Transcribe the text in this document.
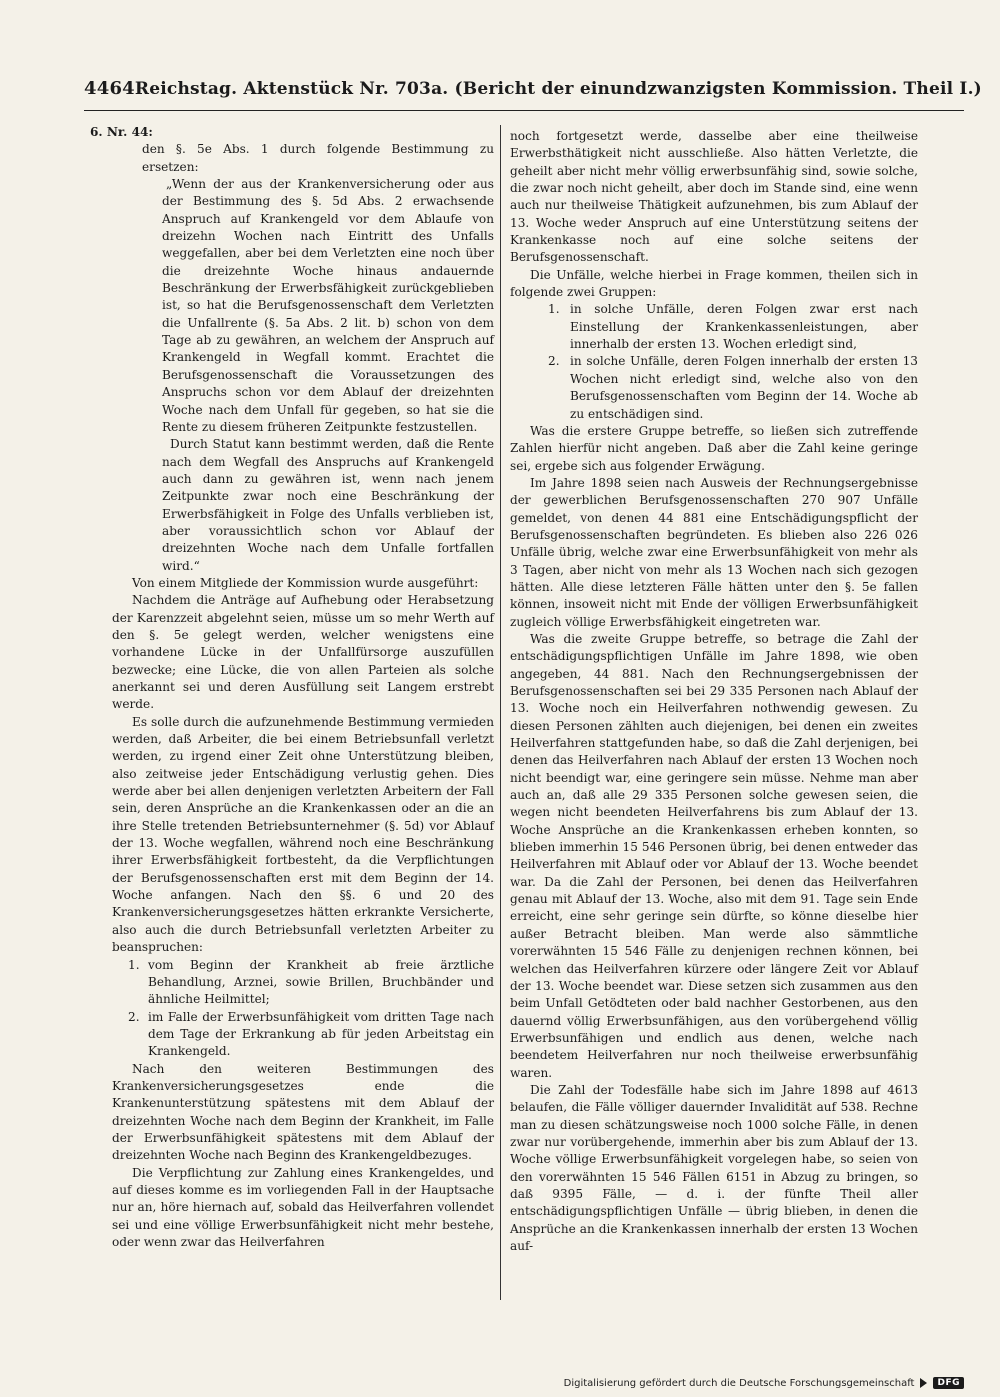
4464 Reichstag. Aktenstück Nr. 703a. (Bericht der einundzwanzigsten Kommission. Theil I.)

6. Nr. 44:

den §. 5e Abs. 1 durch folgende Bestimmung zu ersetzen:

„Wenn der aus der Krankenversicherung oder aus der Bestimmung des §. 5d Abs. 2 erwachsende Anspruch auf Krankengeld vor dem Ablaufe von dreizehn Wochen nach Eintritt des Unfalls weggefallen, aber bei dem Verletzten eine noch über die dreizehnte Woche hinaus andauernde Beschränkung der Erwerbsfähigkeit zurückgeblieben ist, so hat die Berufsgenossenschaft dem Verletzten die Unfallrente (§. 5a Abs. 2 lit. b) schon von dem Tage ab zu gewähren, an welchem der Anspruch auf Krankengeld in Wegfall kommt. Erachtet die Berufsgenossenschaft die Voraussetzungen des Anspruchs schon vor dem Ablauf der dreizehnten Woche nach dem Unfall für gegeben, so hat sie die Rente zu diesem früheren Zeitpunkte festzustellen.

Durch Statut kann bestimmt werden, daß die Rente nach dem Wegfall des Anspruchs auf Krankengeld auch dann zu gewähren ist, wenn nach jenem Zeitpunkte zwar noch eine Beschränkung der Erwerbsfähigkeit in Folge des Unfalls verblieben ist, aber voraussichtlich schon vor Ablauf der dreizehnten Woche nach dem Unfalle fortfallen wird.“

Von einem Mitgliede der Kommission wurde ausgeführt:

Nachdem die Anträge auf Aufhebung oder Herabsetzung der Karenzzeit abgelehnt seien, müsse um so mehr Werth auf den §. 5e gelegt werden, welcher wenigstens eine vorhandene Lücke in der Unfallfürsorge auszufüllen bezwecke; eine Lücke, die von allen Parteien als solche anerkannt sei und deren Ausfüllung seit Langem erstrebt werde.

Es solle durch die aufzunehmende Bestimmung vermieden werden, daß Arbeiter, die bei einem Betriebsunfall verletzt werden, zu irgend einer Zeit ohne Unterstützung bleiben, also zeitweise jeder Entschädigung verlustig gehen. Dies werde aber bei allen denjenigen verletzten Arbeitern der Fall sein, deren Ansprüche an die Krankenkassen oder an die an ihre Stelle tretenden Betriebsunternehmer (§. 5d) vor Ablauf der 13. Woche wegfallen, während noch eine Beschränkung ihrer Erwerbsfähigkeit fortbesteht, da die Verpflichtungen der Berufsgenossenschaften erst mit dem Beginn der 14. Woche anfangen. Nach den §§. 6 und 20 des Krankenversicherungsgesetzes hätten erkrankte Versicherte, also auch die durch Betriebsunfall verletzten Arbeiter zu beanspruchen:

1. vom Beginn der Krankheit ab freie ärztliche Behandlung, Arznei, sowie Brillen, Bruchbänder und ähnliche Heilmittel;
2. im Falle der Erwerbsunfähigkeit vom dritten Tage nach dem Tage der Erkrankung ab für jeden Arbeitstag ein Krankengeld.

Nach den weiteren Bestimmungen des Krankenversicherungsgesetzes ende die Krankenunterstützung spätestens mit dem Ablauf der dreizehnten Woche nach dem Beginn der Krankheit, im Falle der Erwerbsunfähigkeit spätestens mit dem Ablauf der dreizehnten Woche nach Beginn des Krankengeldbezuges.

Die Verpflichtung zur Zahlung eines Krankengeldes, und auf dieses komme es im vorliegenden Fall in der Hauptsache nur an, höre hiernach auf, sobald das Heilverfahren vollendet sei und eine völlige Erwerbsunfähigkeit nicht mehr bestehe, oder wenn zwar das Heilverfahren

noch fortgesetzt werde, dasselbe aber eine theilweise Erwerbsthätigkeit nicht ausschließe. Also hätten Verletzte, die geheilt aber nicht mehr völlig erwerbsunfähig sind, sowie solche, die zwar noch nicht geheilt, aber doch im Stande sind, eine wenn auch nur theilweise Thätigkeit aufzunehmen, bis zum Ablauf der 13. Woche weder Anspruch auf eine Unterstützung seitens der Krankenkasse noch auf eine solche seitens der Berufsgenossenschaft.

Die Unfälle, welche hierbei in Frage kommen, theilen sich in folgende zwei Gruppen:

1. in solche Unfälle, deren Folgen zwar erst nach Einstellung der Krankenkassenleistungen, aber innerhalb der ersten 13. Wochen erledigt sind,
2. in solche Unfälle, deren Folgen innerhalb der ersten 13 Wochen nicht erledigt sind, welche also von den Berufsgenossenschaften vom Beginn der 14. Woche ab zu entschädigen sind.

Was die erstere Gruppe betreffe, so ließen sich zutreffende Zahlen hierfür nicht angeben. Daß aber die Zahl keine geringe sei, ergebe sich aus folgender Erwägung.

Im Jahre 1898 seien nach Ausweis der Rechnungsergebnisse der gewerblichen Berufsgenossenschaften 270 907 Unfälle gemeldet, von denen 44 881 eine Entschädigungspflicht der Berufsgenossenschaften begründeten. Es blieben also 226 026 Unfälle übrig, welche zwar eine Erwerbsunfähigkeit von mehr als 3 Tagen, aber nicht von mehr als 13 Wochen nach sich gezogen hätten. Alle diese letzteren Fälle hätten unter den §. 5e fallen können, insoweit nicht mit Ende der völligen Erwerbsunfähigkeit zugleich völlige Erwerbsfähigkeit eingetreten war.

Was die zweite Gruppe betreffe, so betrage die Zahl der entschädigungspflichtigen Unfälle im Jahre 1898, wie oben angegeben, 44 881. Nach den Rechnungsergebnissen der Berufsgenossenschaften sei bei 29 335 Personen nach Ablauf der 13. Woche noch ein Heilverfahren nothwendig gewesen. Zu diesen Personen zählten auch diejenigen, bei denen ein zweites Heilverfahren stattgefunden habe, so daß die Zahl derjenigen, bei denen das Heilverfahren nach Ablauf der ersten 13 Wochen noch nicht beendigt war, eine geringere sein müsse. Nehme man aber auch an, daß alle 29 335 Personen solche gewesen seien, die wegen nicht beendeten Heilverfahrens bis zum Ablauf der 13. Woche Ansprüche an die Krankenkassen erheben konnten, so blieben immerhin 15 546 Personen übrig, bei denen entweder das Heilverfahren mit Ablauf oder vor Ablauf der 13. Woche beendet war. Da die Zahl der Personen, bei denen das Heilverfahren genau mit Ablauf der 13. Woche, also mit dem 91. Tage sein Ende erreicht, eine sehr geringe sein dürfte, so könne dieselbe hier außer Betracht bleiben. Man werde also sämmtliche vorerwähnten 15 546 Fälle zu denjenigen rechnen können, bei welchen das Heilverfahren kürzere oder längere Zeit vor Ablauf der 13. Woche beendet war. Diese setzen sich zusammen aus den beim Unfall Getödteten oder bald nachher Gestorbenen, aus den dauernd völlig Erwerbsunfähigen, aus den vorübergehend völlig Erwerbsunfähigen und endlich aus denen, welche nach beendetem Heilverfahren nur noch theilweise erwerbsunfähig waren.

Die Zahl der Todesfälle habe sich im Jahre 1898 auf 4613 belaufen, die Fälle völliger dauernder Invalidität auf 538. Rechne man zu diesen schätzungsweise noch 1000 solche Fälle, in denen zwar nur vorübergehende, immerhin aber bis zum Ablauf der 13. Woche völlige Erwerbsunfähigkeit vorgelegen habe, so seien von den vorerwähnten 15 546 Fällen 6151 in Abzug zu bringen, so daß 9395 Fälle, — d. i. der fünfte Theil aller entschädigungspflichtigen Unfälle — übrig blieben, in denen die Ansprüche an die Krankenkassen innerhalb der ersten 13 Wochen auf-

Digitalisierung gefördert durch die Deutsche Forschungsgemeinschaft	DFG
